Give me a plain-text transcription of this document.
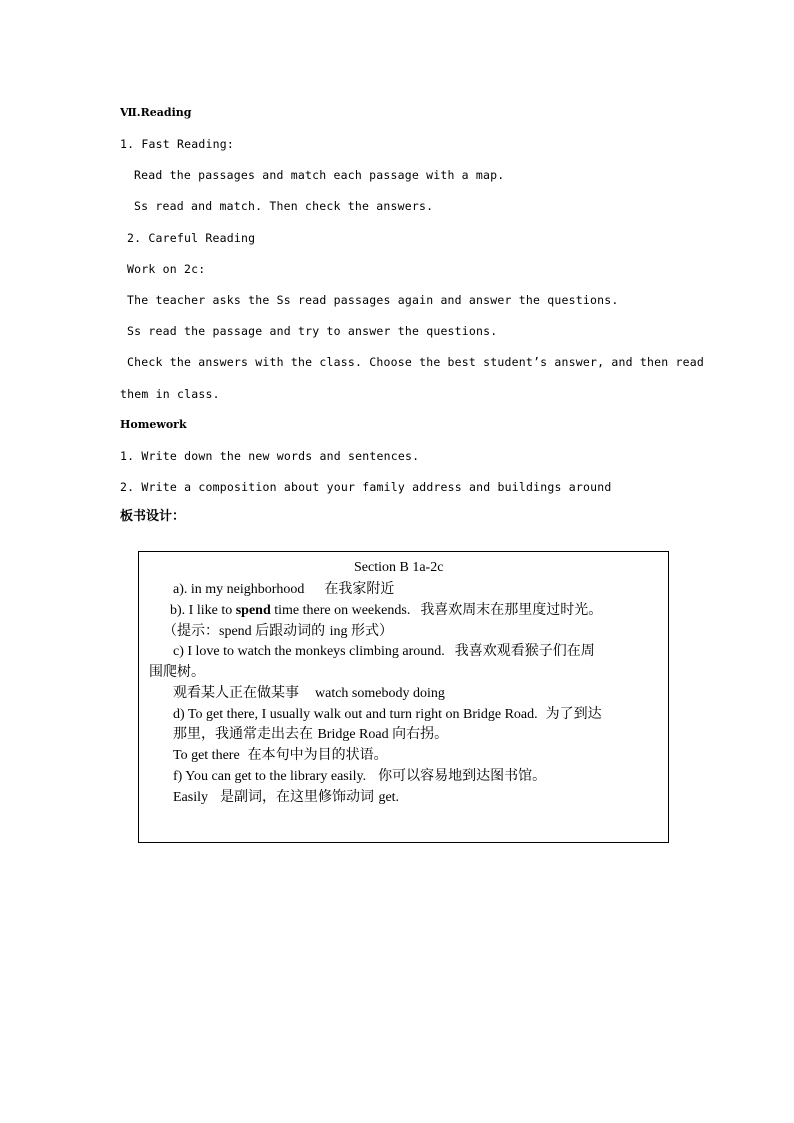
Ⅶ.Reading
1. Fast Reading:
Read the passages and match each passage with a map.
Ss read and match. Then check the answers.
2. Careful Reading
Work on 2c:
The teacher asks the Ss read passages again and answer the questions.
Ss read the passage and try to answer the questions.
Check the answers with the class. Choose the best student’s answer, and then read
them in class.
Homework
1. Write down the new words and sentences.
2. Write a composition about your family address and buildings around
板书设计：
Section B 1a-2c
a). in my neighborhood 在我家附近
b). I like to spend time there on weekends. 我喜欢周末在那里度过时光。
（提示：spend 后跟动词的 ing 形式）
c) I love to watch the monkeys climbing around. 我喜欢观看猴子们在周
围爬树。
观看某人正在做某事 watch somebody doing
d) To get there, I usually walk out and turn right on Bridge Road. 为了到达
那里，我通常走出去在 Bridge Road 向右拐。
To get there 在本句中为目的状语。
f) You can get to the library easily. 你可以容易地到达图书馆。
Easily 是副词，在这里修饰动词 get.
